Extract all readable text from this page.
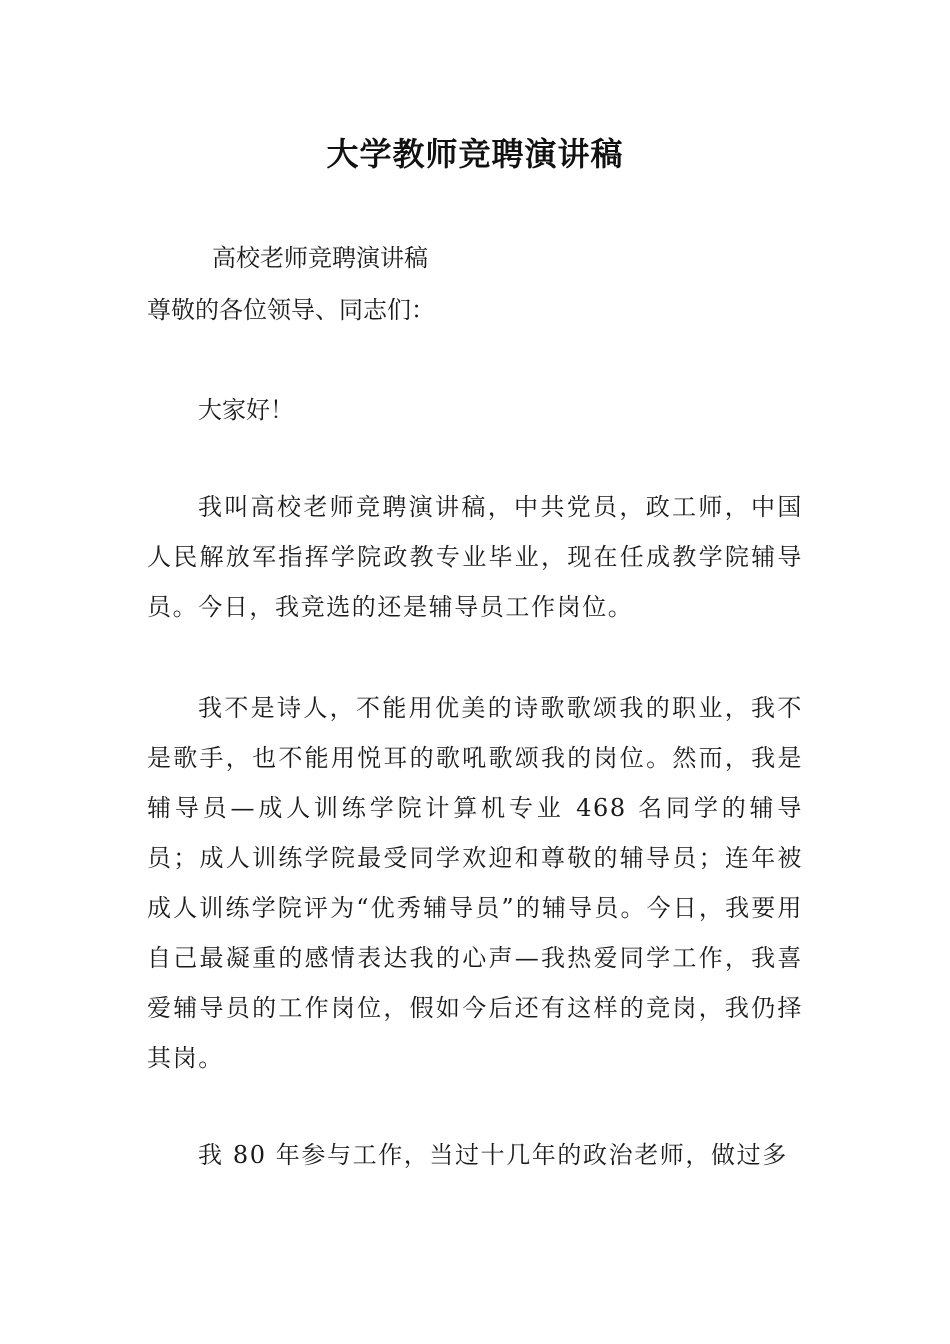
大学教师竞聘演讲稿
高校老师竞聘演讲稿
尊敬的各位领导、同志们：
大家好！

我叫高校老师竞聘演讲稿，中共党员，政工师，中国人民解放军指挥学院政教专业毕业，现在任成教学院辅导员。今日，我竞选的还是辅导员工作岗位。

我不是诗人，不能用优美的诗歌歌颂我的职业，我不是歌手，也不能用悦耳的歌吼歌颂我的岗位。然而，我是辅导员—成人训练学院计算机专业 468 名同学的辅导员；成人训练学院最受同学欢迎和尊敬的辅导员；连年被成人训练学院评为“优秀辅导员”的辅导员。今日，我要用自己最凝重的感情表达我的心声—我热爱同学工作，我喜爱辅导员的工作岗位，假如今后还有这样的竞岗，我仍择其岗。

我 80 年参与工作，当过十几年的政治老师，做过多
